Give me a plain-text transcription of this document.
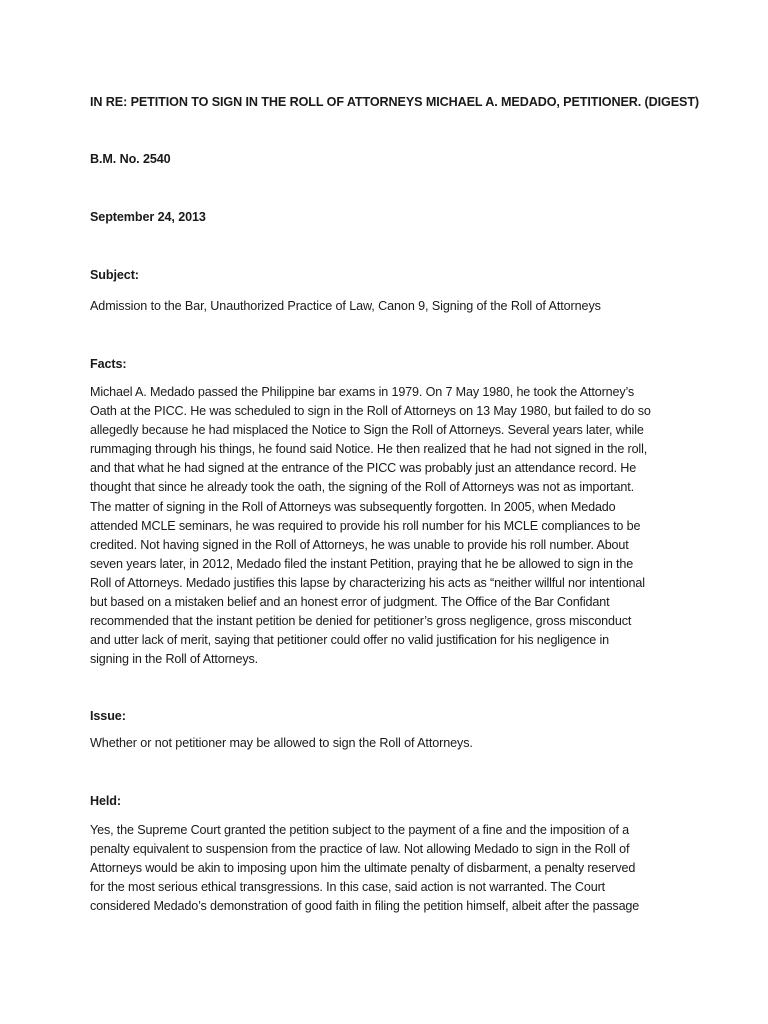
IN RE: PETITION TO SIGN IN THE ROLL OF ATTORNEYS MICHAEL A. MEDADO, PETITIONER. (DIGEST)
B.M. No. 2540
September 24, 2013
Subject:
Admission to the Bar, Unauthorized Practice of Law, Canon 9, Signing of the Roll of Attorneys
Facts:
Michael A. Medado passed the Philippine bar exams in 1979. On 7 May 1980, he took the Attorney’s
Oath at the PICC. He was scheduled to sign in the Roll of Attorneys on 13 May 1980, but failed to do so
allegedly because he had misplaced the Notice to Sign the Roll of Attorneys. Several years later, while
rummaging through his things, he found said Notice. He then realized that he had not signed in the roll,
and that what he had signed at the entrance of the PICC was probably just an attendance record. He
thought that since he already took the oath, the signing of the Roll of Attorneys was not as important.
The matter of signing in the Roll of Attorneys was subsequently forgotten. In 2005, when Medado
attended MCLE seminars, he was required to provide his roll number for his MCLE compliances to be
credited. Not having signed in the Roll of Attorneys, he was unable to provide his roll number. About
seven years later, in 2012, Medado filed the instant Petition, praying that he be allowed to sign in the
Roll of Attorneys. Medado justifies this lapse by characterizing his acts as “neither willful nor intentional
but based on a mistaken belief and an honest error of judgment. The Office of the Bar Confidant
recommended that the instant petition be denied for petitioner’s gross negligence, gross misconduct
and utter lack of merit, saying that petitioner could offer no valid justification for his negligence in
signing in the Roll of Attorneys.
Issue:
Whether or not petitioner may be allowed to sign the Roll of Attorneys.
Held:
Yes, the Supreme Court granted the petition subject to the payment of a fine and the imposition of a
penalty equivalent to suspension from the practice of law. Not allowing Medado to sign in the Roll of
Attorneys would be akin to imposing upon him the ultimate penalty of disbarment, a penalty reserved
for the most serious ethical transgressions. In this case, said action is not warranted. The Court
considered Medado’s demonstration of good faith in filing the petition himself, albeit after the passage
